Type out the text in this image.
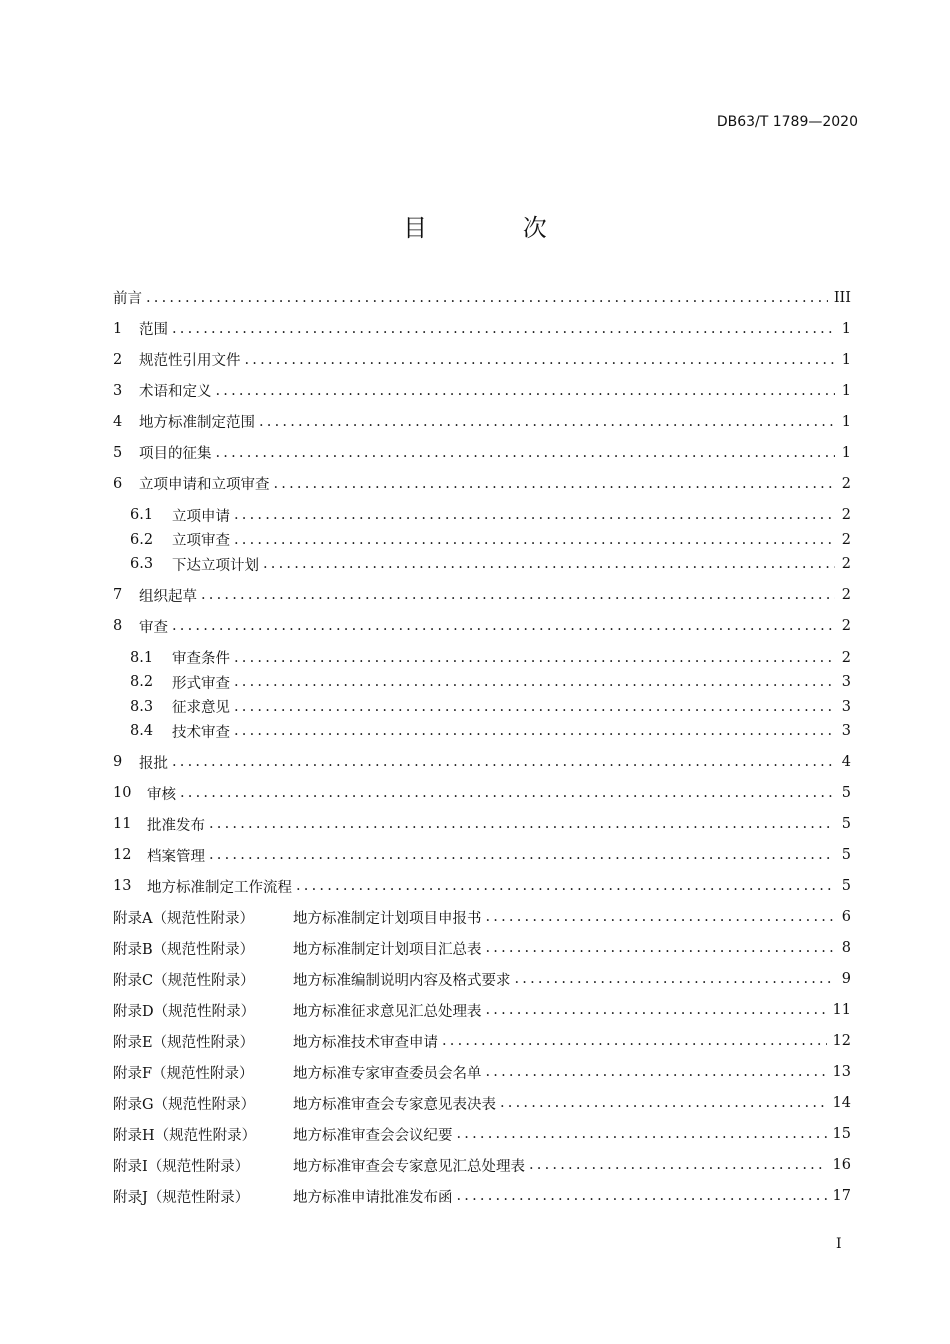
DB63/T 1789—2020
目 次
前言 .....	III
1	范围 .....	1
2	规范性引用文件 .....	1
3	术语和定义 .....	1
4	地方标准制定范围 .....	1
5	项目的征集 .....	1
6	立项申请和立项审查 .....	2
6.1	立项申请 .....	2
6.2	立项审查 .....	2
6.3	下达立项计划 .....	2
7	组织起草 .....	2
8	审查 .....	2
8.1	审查条件 .....	2
8.2	形式审查 .....	3
8.3	征求意见 .....	3
8.4	技术审查 .....	3
9	报批 .....	4
10	审核 .....	5
11	批准发布 .....	5
12	档案管理 .....	5
13	地方标准制定工作流程 .....	5
附录A（规范性附录）	地方标准制定计划项目申报书 .....	6
附录B（规范性附录）	地方标准制定计划项目汇总表 .....	8
附录C（规范性附录）	地方标准编制说明内容及格式要求 .....	9
附录D（规范性附录）	地方标准征求意见汇总处理表 .....	11
附录E（规范性附录）	地方标准技术审查申请 .....	12
附录F（规范性附录）	地方标准专家审查委员会名单 .....	13
附录G（规范性附录）	地方标准审查会专家意见表决表 .....	14
附录H（规范性附录）	地方标准审查会会议纪要 .....	15
附录I（规范性附录）	地方标准审查会专家意见汇总处理表 .....	16
附录J（规范性附录）	地方标准申请批准发布函 .....	17
I
